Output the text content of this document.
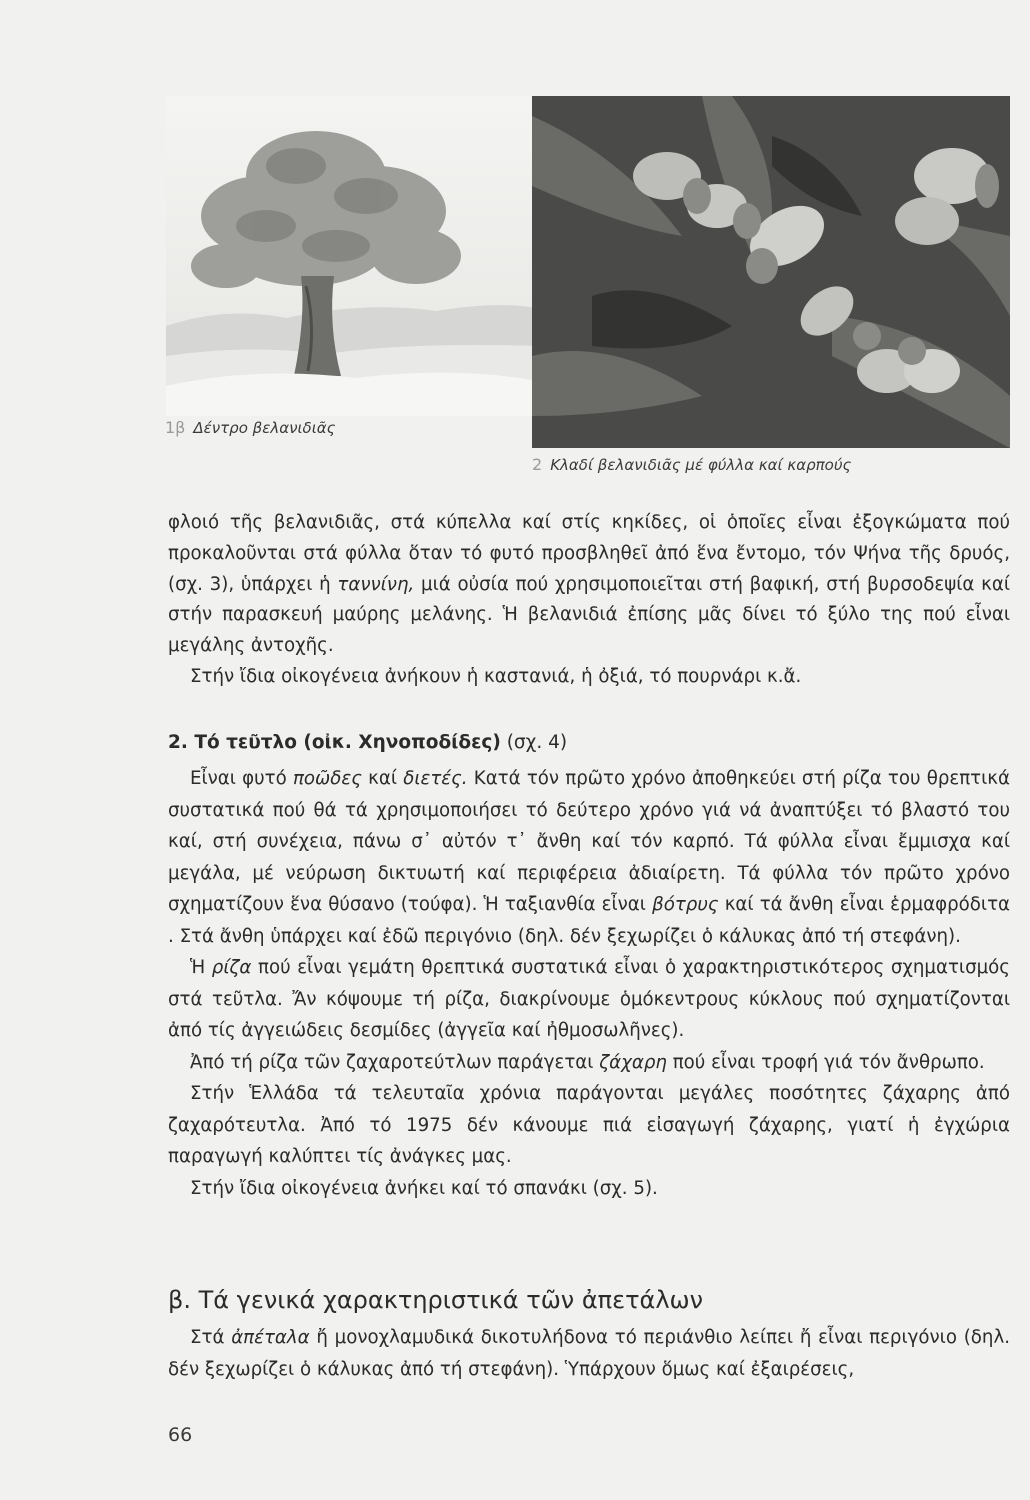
1β Δέντρο βελανιδιᾶς
2 Κλαδί βελανιδιᾶς μέ φύλλα καί καρπούς

φλοιό τῆς βελανιδιᾶς, στά κύπελλα καί στίς κηκίδες, οἱ ὁποῖες εἶναι ἐξογκώματα πού προκαλοῦνται στά φύλλα ὅταν τό φυτό προσβληθεῖ ἀπό ἕνα ἔντομο, τόν Ψήνα τῆς δρυός, (σχ. 3), ὑπάρχει ἡ ταννίνη, μιά οὐσία πού χρησιμοποιεῖται στή βαφική, στή βυρσοδεψία καί στήν παρασκευή μαύρης μελάνης. Ἡ βελανιδιά ἐπίσης μᾶς δίνει τό ξύλο της πού εἶναι μεγάλης ἀντοχῆς.

Στήν ἴδια οἰκογένεια ἀνήκουν ἡ καστανιά, ἡ ὀξιά, τό πουρνάρι κ.ἄ.

2. Τό τεῦτλο (οἰκ. Χηνοποδίδες) (σχ. 4)

Εἶναι φυτό ποῶδες καί διετές. Κατά τόν πρῶτο χρόνο ἀποθηκεύει στή ρίζα του θρεπτικά συστατικά πού θά τά χρησιμοποιήσει τό δεύτερο χρόνο γιά νά ἀναπτύξει τό βλαστό του καί, στή συνέχεια, πάνω σ᾽ αὐτόν τ᾽ ἄνθη καί τόν καρπό. Τά φύλλα εἶναι ἔμμισχα καί μεγάλα, μέ νεύρωση δικτυωτή καί περιφέρεια ἀδιαίρετη. Τά φύλλα τόν πρῶτο χρόνο σχηματίζουν ἕνα θύσανο (τούφα). Ἡ ταξιανθία εἶναι βότρυς καί τά ἄνθη εἶναι ἑρμαφρόδιτα . Στά ἄνθη ὑπάρχει καί ἐδῶ περιγόνιο (δηλ. δέν ξεχωρίζει ὁ κάλυκας ἀπό τή στεφάνη).

Ἡ ρίζα πού εἶναι γεμάτη θρεπτικά συστατικά εἶναι ὁ χαρακτηριστικότερος σχηματισμός στά τεῦτλα. Ἄν κόψουμε τή ρίζα, διακρίνουμε ὁμόκεντρους κύκλους πού σχηματίζονται ἀπό τίς ἀγγειώδεις δεσμίδες (ἀγγεῖα καί ἠθμοσωλῆνες).

Ἀπό τή ρίζα τῶν ζαχαροτεύτλων παράγεται ζάχαρη πού εἶναι τροφή γιά τόν ἄνθρωπο.

Στήν Ἑλλάδα τά τελευταῖα χρόνια παράγονται μεγάλες ποσότητες ζάχαρης ἀπό ζαχαρότευτλα. Ἀπό τό 1975 δέν κάνουμε πιά εἰσαγωγή ζάχαρης, γιατί ἡ ἐγχώρια παραγωγή καλύπτει τίς ἀνάγκες μας.

Στήν ἴδια οἰκογένεια ἀνήκει καί τό σπανάκι (σχ. 5).

β. Τά γενικά χαρακτηριστικά τῶν ἀπετάλων

Στά ἀπέταλα ἤ μονοχλαμυδικά δικοτυλήδονα τό περιάνθιο λείπει ἤ εἶναι περιγόνιο (δηλ. δέν ξεχωρίζει ὁ κάλυκας ἀπό τή στεφάνη). Ὑπάρχουν ὅμως καί ἐξαιρέσεις,

66
